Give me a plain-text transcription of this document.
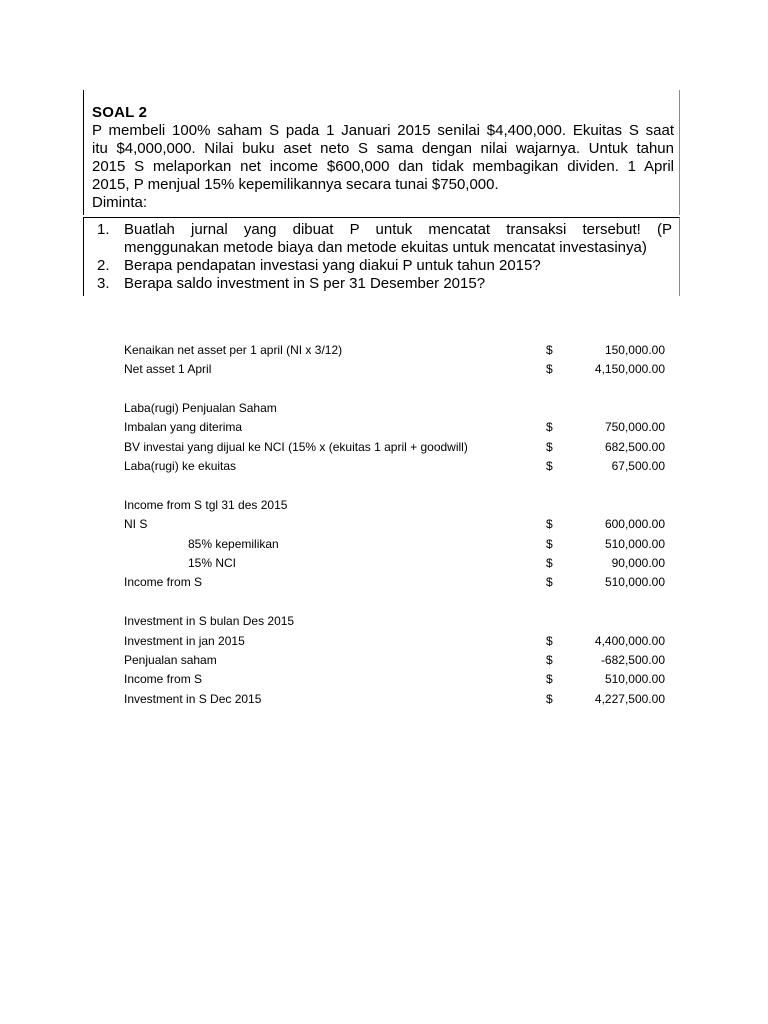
SOAL 2
P membeli 100% saham S pada 1 Januari 2015 senilai $4,400,000. Ekuitas S saat
itu $4,000,000. Nilai buku aset neto S sama dengan nilai wajarnya. Untuk tahun
2015 S melaporkan net income $600,000 dan tidak membagikan dividen. 1 April
2015, P menjual 15% kepemilikannya secara tunai $750,000.
Diminta:
1. Buatlah jurnal yang dibuat P untuk mencatat transaksi tersebut! (P
menggunakan metode biaya dan metode ekuitas untuk mencatat investasinya)
2. Berapa pendapatan investasi yang diakui P untuk tahun 2015?
3. Berapa saldo investment in S per 31 Desember 2015?
Kenaikan net asset per 1 april (NI x 3/12)	$	150,000.00
Net asset 1 April	$	4,150,000.00
Laba(rugi) Penjualan Saham
Imbalan yang diterima	$	750,000.00
BV investai yang dijual ke NCI (15% x (ekuitas 1 april + goodwill)	$	682,500.00
Laba(rugi) ke ekuitas	$	67,500.00
Income from S tgl 31 des 2015
NI S	$	600,000.00
85% kepemilikan	$	510,000.00
15% NCI	$	90,000.00
Income from S	$	510,000.00
Investment in S bulan Des 2015
Investment in jan 2015	$	4,400,000.00
Penjualan saham	$	-682,500.00
Income from S	$	510,000.00
Investment in S Dec 2015	$	4,227,500.00
